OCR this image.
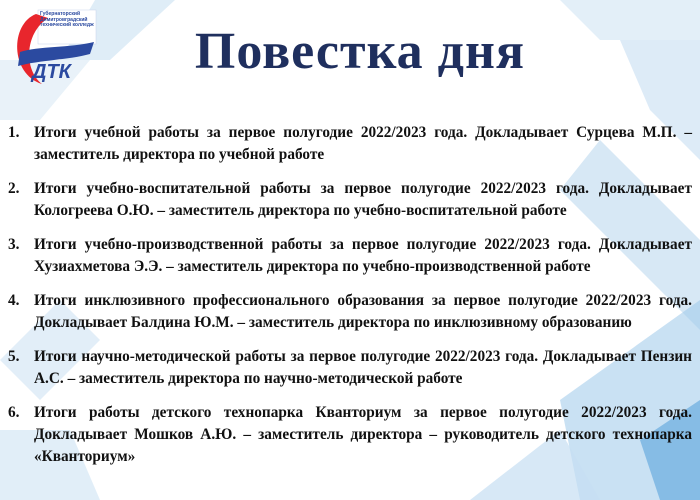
ДТК
Губернаторский Димитровградский технический колледж	Повестка дня
1. Итоги учебной работы за первое полугодие 2022/2023 года. Докладывает Сурцева М.П. – заместитель директора по учебной работе
2. Итоги учебно-воспитательной работы за первое полугодие 2022/2023 года. Докладывает Кологреева О.Ю. – заместитель директора по учебно-воспитательной работе
3. Итоги учебно-производственной работы за первое полугодие 2022/2023 года. Докладывает Хузиахметова Э.Э. – заместитель директора по учебно-производственной работе
4. Итоги инклюзивного профессионального образования за первое полугодие 2022/2023 года. Докладывает Балдина Ю.М. – заместитель директора по инклюзивному образованию
5. Итоги научно-методической работы за первое полугодие 2022/2023 года. Докладывает Пензин А.С. – заместитель директора по научно-методической работе
6. Итоги работы детского технопарка Кванториум за первое полугодие 2022/2023 года. Докладывает Мошков А.Ю. – заместитель директора – руководитель детского технопарка «Кванториум»
